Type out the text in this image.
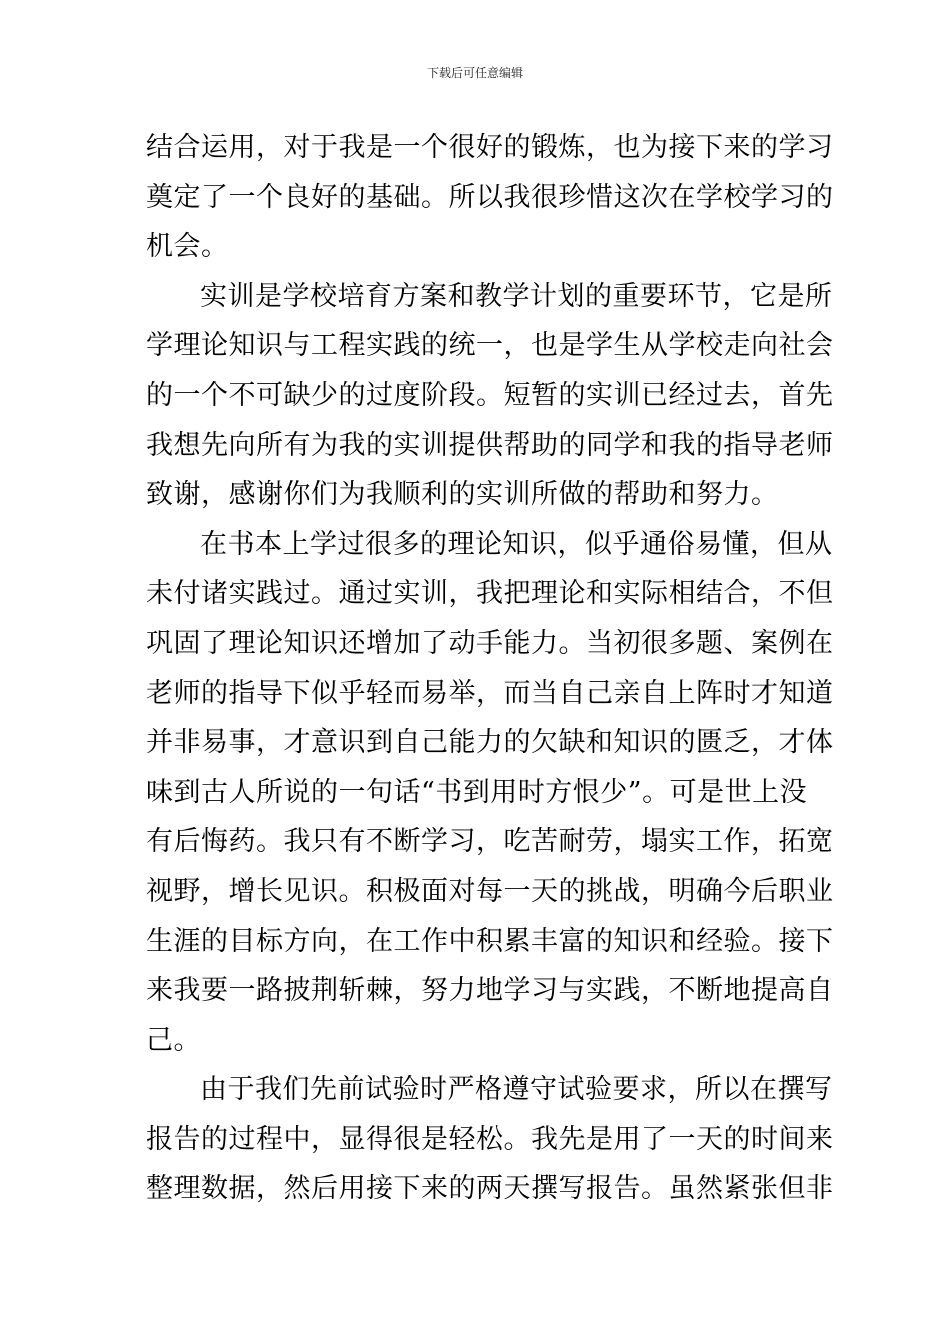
下载后可任意编辑
结合运用，对于我是一个很好的锻炼，也为接下来的学习
奠定了一个良好的基础。所以我很珍惜这次在学校学习的
机会。
实训是学校培育方案和教学计划的重要环节，它是所
学理论知识与工程实践的统一，也是学生从学校走向社会
的一个不可缺少的过度阶段。短暂的实训已经过去，首先
我想先向所有为我的实训提供帮助的同学和我的指导老师
致谢，感谢你们为我顺利的实训所做的帮助和努力。
在书本上学过很多的理论知识，似乎通俗易懂，但从
未付诸实践过。通过实训，我把理论和实际相结合，不但
巩固了理论知识还增加了动手能力。当初很多题、案例在
老师的指导下似乎轻而易举，而当自己亲自上阵时才知道
并非易事，才意识到自己能力的欠缺和知识的匮乏，才体
味到古人所说的一句话“书到用时方恨少”。可是世上没
有后悔药。我只有不断学习，吃苦耐劳，塌实工作，拓宽
视野，增长见识。积极面对每一天的挑战，明确今后职业
生涯的目标方向，在工作中积累丰富的知识和经验。接下
来我要一路披荆斩棘，努力地学习与实践，不断地提高自
己。
由于我们先前试验时严格遵守试验要求，所以在撰写
报告的过程中，显得很是轻松。我先是用了一天的时间来
整理数据，然后用接下来的两天撰写报告。虽然紧张但非
